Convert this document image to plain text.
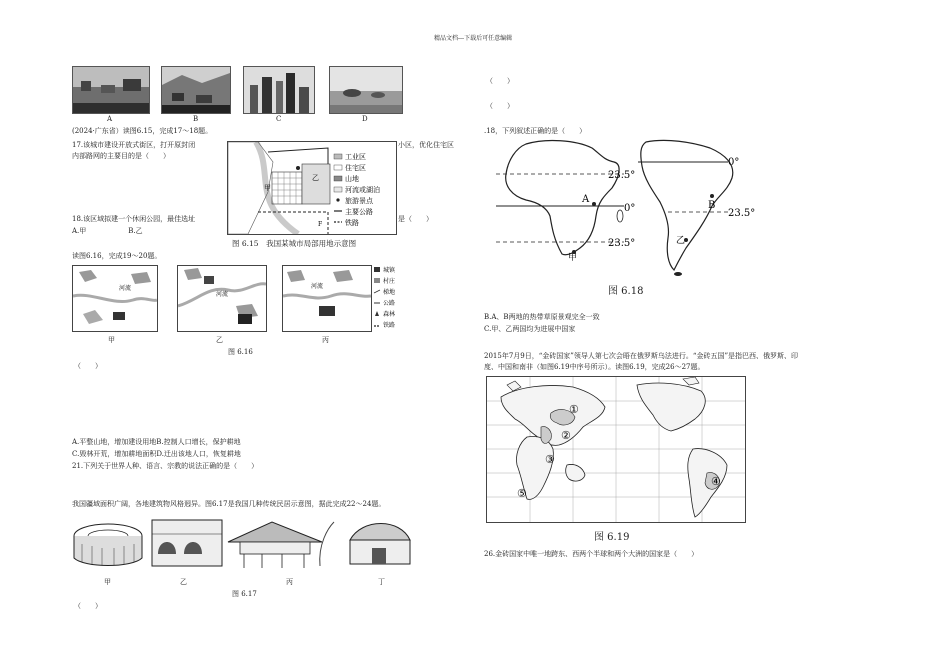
精品文档---下载后可任意编辑
A	B	C	D
(2024·广东省）读图6.15，完成17～18题。
17.该城市建设开放式街区，打开原封闭	小区，优化住宅区
内部路网的主要目的是（　　）
甲
乙
F
工业区
住宅区
山地
河流或湖泊
旅游景点
主要公路
铁路
图 6.15　我国某城市局部用地示意图
18.该区域拟建一个休闲公园，最佳选址	是（　　）
A.甲　　　　　　B.乙
读图6.16，完成19～20题。
河流
河流
河流
城镇
村庄
梯地
公路
森林
铁路
甲	乙	丙
图 6.16
（　　）
A.平整山地，增加建设用地B.控制人口增长，保护耕地
C.毁林开荒，增加耕地面积D.迁出该地人口，恢复耕地
21.下列关于世界人种、语言、宗教的说法正确的是（　　）
我国疆域面积广阔，各地建筑物风格迥异。图6.17是我国几种传统民居示意图，据此完成22～24题。
甲	乙	丙	丁
图 6.17
（　　）
（　　）
（　　）
.18，下列叙述正确的是（　　）
23.5°
0°
23.5°
0°
23.5°
A
B
甲
乙
图 6.18
B.A、B两地的热带草原景观完全一致
C.甲、乙两国均为进展中国家
2015年7月9日，“金砖国家”领导人第七次会晤在俄罗斯乌法进行。“金砖五国”是指巴西、俄罗斯、印
度、中国和南非（如图6.19中序号所示）。读图6.19，完成26～27题。
①
②
③
④
⑤
图 6.19
26.金砖国家中唯一地跨东、西两个半球和两个大洲的国家是（　　）
